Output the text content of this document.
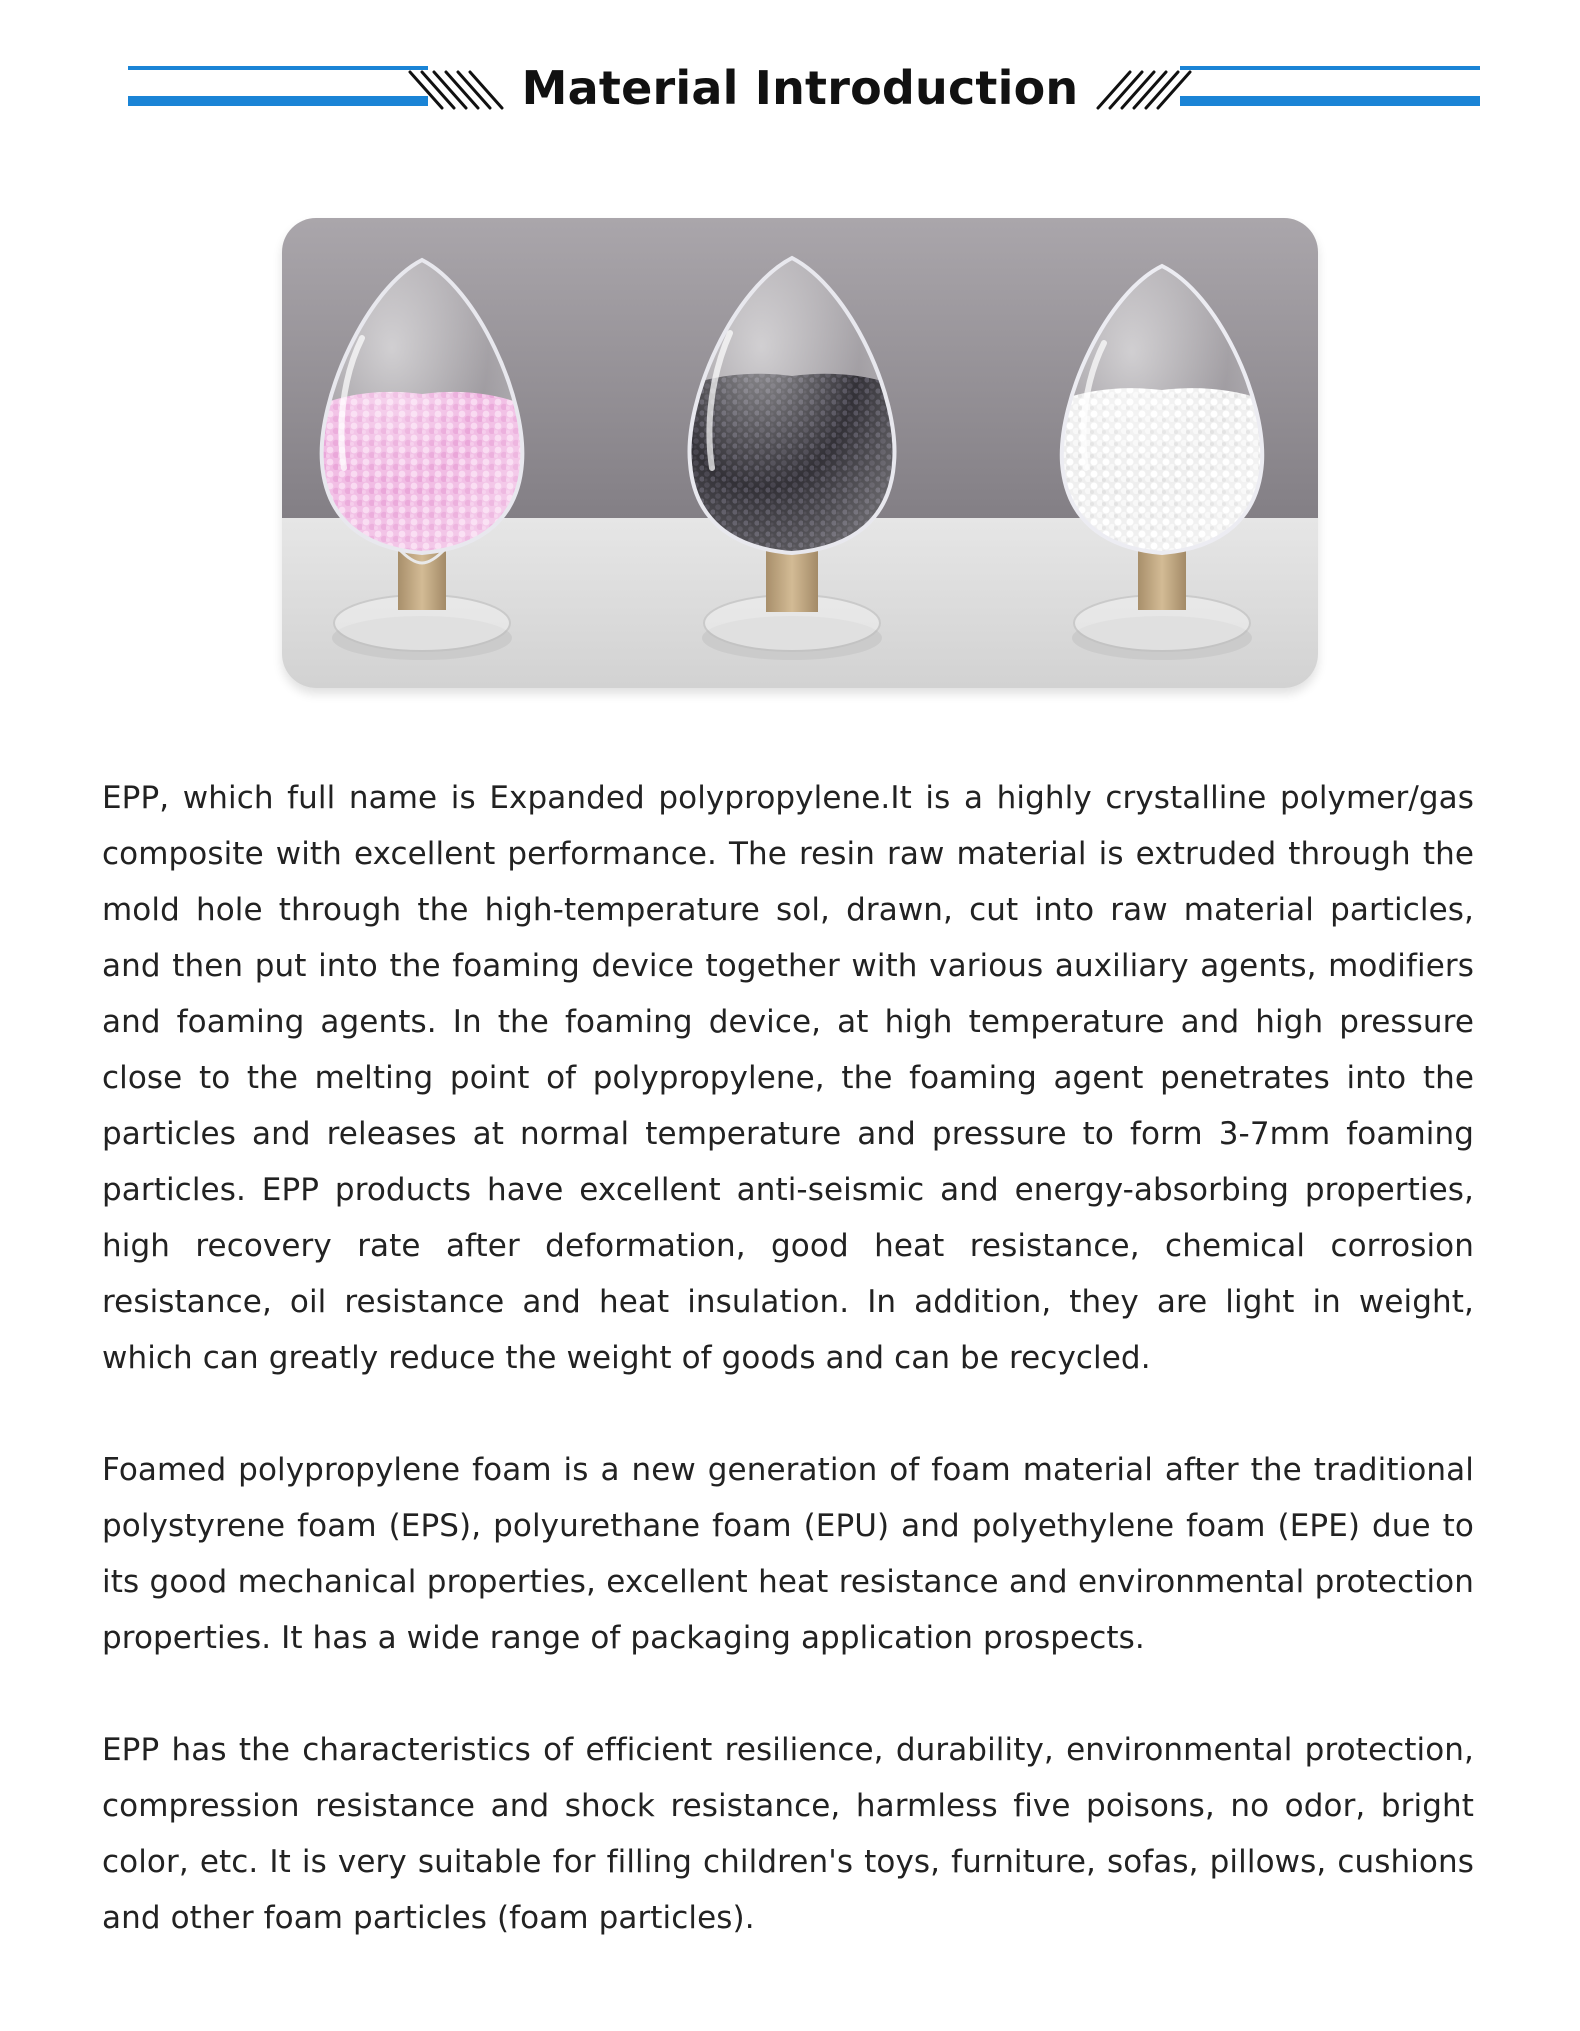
Material Introduction

EPP, which full name is Expanded polypropylene.It is a highly crystalline polymer/gas composite with excellent performance. The resin raw material is extruded through the mold hole through the high-temperature sol, drawn, cut into raw material particles, and then put into the foaming device together with various auxiliary agents, modifiers and foaming agents. In the foaming device, at high temperature and high pressure close to the melting point of polypropylene, the foaming agent penetrates into the particles and releases at normal temperature and pressure to form 3-7mm foaming particles. EPP products have excellent anti-seismic and energy-absorbing properties, high recovery rate after deformation, good heat resistance, chemical corrosion resistance, oil resistance and heat insulation. In addition, they are light in weight, which can greatly reduce the weight of goods and can be recycled.

Foamed polypropylene foam is a new generation of foam material after the traditional polystyrene foam (EPS), polyurethane foam (EPU) and polyethylene foam (EPE) due to its good mechanical properties, excellent heat resistance and environmental protection properties. It has a wide range of packaging application prospects.

EPP has the characteristics of efficient resilience, durability, environmental protection, compression resistance and shock resistance, harmless five poisons, no odor, bright color, etc. It is very suitable for filling children's toys, furniture, sofas, pillows, cushions and other foam particles (foam particles).
